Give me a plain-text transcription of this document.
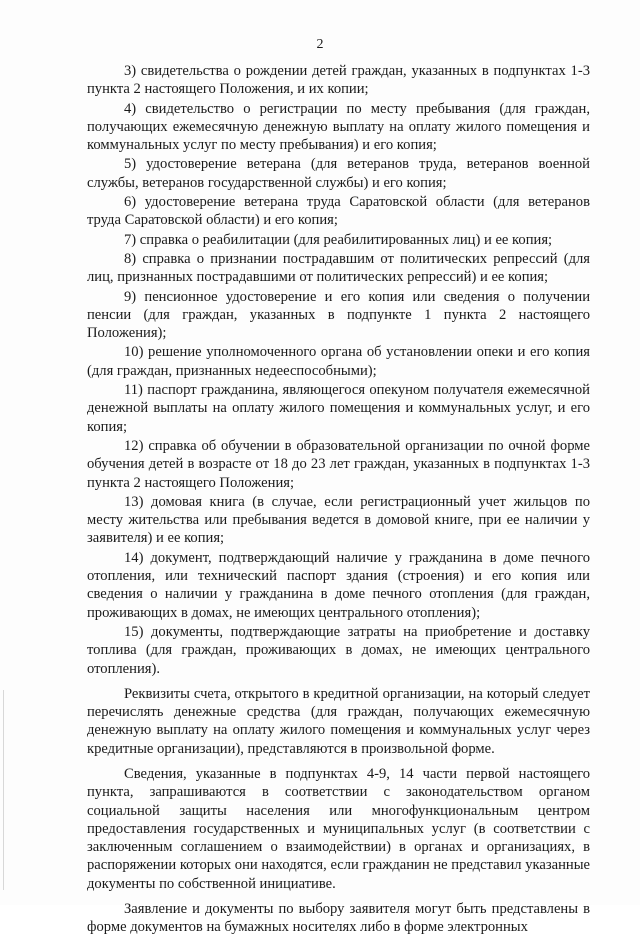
2

3) свидетельства о рождении детей граждан, указанных в подпунктах 1-3 пункта 2 настоящего Положения, и их копии;

4) свидетельство о регистрации по месту пребывания (для граждан, получающих ежемесячную денежную выплату на оплату жилого помещения и коммунальных услуг по месту пребывания) и его копия;

5) удостоверение ветерана (для ветеранов труда, ветеранов военной службы, ветеранов государственной службы) и его копия;

6) удостоверение ветерана труда Саратовской области (для ветеранов труда Саратовской области) и его копия;

7) справка о реабилитации (для реабилитированных лиц) и ее копия;

8) справка о признании пострадавшим от политических репрессий (для лиц, признанных пострадавшими от политических репрессий) и ее копия;

9) пенсионное удостоверение и его копия или сведения о получении пенсии (для граждан, указанных в подпункте 1 пункта 2 настоящего Положения);

10) решение уполномоченного органа об установлении опеки и его копия (для граждан, признанных недееспособными);

11) паспорт гражданина, являющегося опекуном получателя ежемесячной денежной выплаты на оплату жилого помещения и коммунальных услуг, и его копия;

12) справка об обучении в образовательной организации по очной форме обучения детей в возрасте от 18 до 23 лет граждан, указанных в подпунктах 1-3 пункта 2 настоящего Положения;

13) домовая книга (в случае, если регистрационный учет жильцов по месту жительства или пребывания ведется в домовой книге, при ее наличии у заявителя) и ее копия;

14) документ, подтверждающий наличие у гражданина в доме печного отопления, или технический паспорт здания (строения) и его копия или сведения о наличии у гражданина в доме печного отопления (для граждан, проживающих в домах, не имеющих центрального отопления);

15) документы, подтверждающие затраты на приобретение и доставку топлива (для граждан, проживающих в домах, не имеющих центрального отопления).

Реквизиты счета, открытого в кредитной организации, на который следует перечислять денежные средства (для граждан, получающих ежемесячную денежную выплату на оплату жилого помещения и коммунальных услуг через кредитные организации), представляются в произвольной форме.

Сведения, указанные в подпунктах 4-9, 14 части первой настоящего пункта, запрашиваются в соответствии с законодательством органом социальной защиты населения или многофункциональным центром предоставления государственных и муниципальных услуг (в соответствии с заключенным соглашением о взаимодействии) в органах и организациях, в распоряжении которых они находятся, если гражданин не представил указанные документы по собственной инициативе.

Заявление и документы по выбору заявителя могут быть представлены в форме документов на бумажных носителях либо в форме электронных
